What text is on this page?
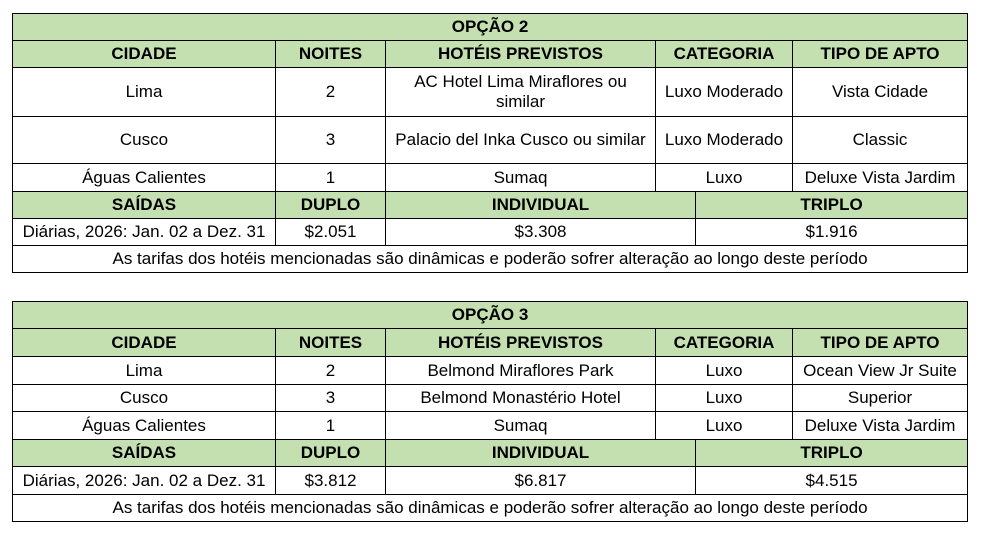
OPÇÃO 2					
CIDADE	NOITES	HOTÉIS PREVISTOS	CATEGORIA		TIPO DE APTO
Lima	2	AC Hotel Lima Miraflores ou similar	Luxo Moderado		Vista Cidade
Cusco	3	Palacio del Inka Cusco ou similar	Luxo Moderado		Classic
Águas Calientes	1	Sumaq	Luxo		Deluxe Vista Jardim
SAÍDAS	DUPLO	INDIVIDUAL		TRIPLO	
Diárias, 2026: Jan. 02 a Dez. 31	$2.051	$3.308		$1.916	
As tarifas dos hotéis mencionadas são dinâmicas e poderão sofrer alteração ao longo deste período					
OPÇÃO 3					
CIDADE	NOITES	HOTÉIS PREVISTOS	CATEGORIA		TIPO DE APTO
Lima	2	Belmond Miraflores Park	Luxo		Ocean View Jr Suite
Cusco	3	Belmond Monastério Hotel	Luxo		Superior
Águas Calientes	1	Sumaq	Luxo		Deluxe Vista Jardim
SAÍDAS	DUPLO	INDIVIDUAL		TRIPLO	
Diárias, 2026: Jan. 02 a Dez. 31	$3.812	$6.817		$4.515	
As tarifas dos hotéis mencionadas são dinâmicas e poderão sofrer alteração ao longo deste período					
